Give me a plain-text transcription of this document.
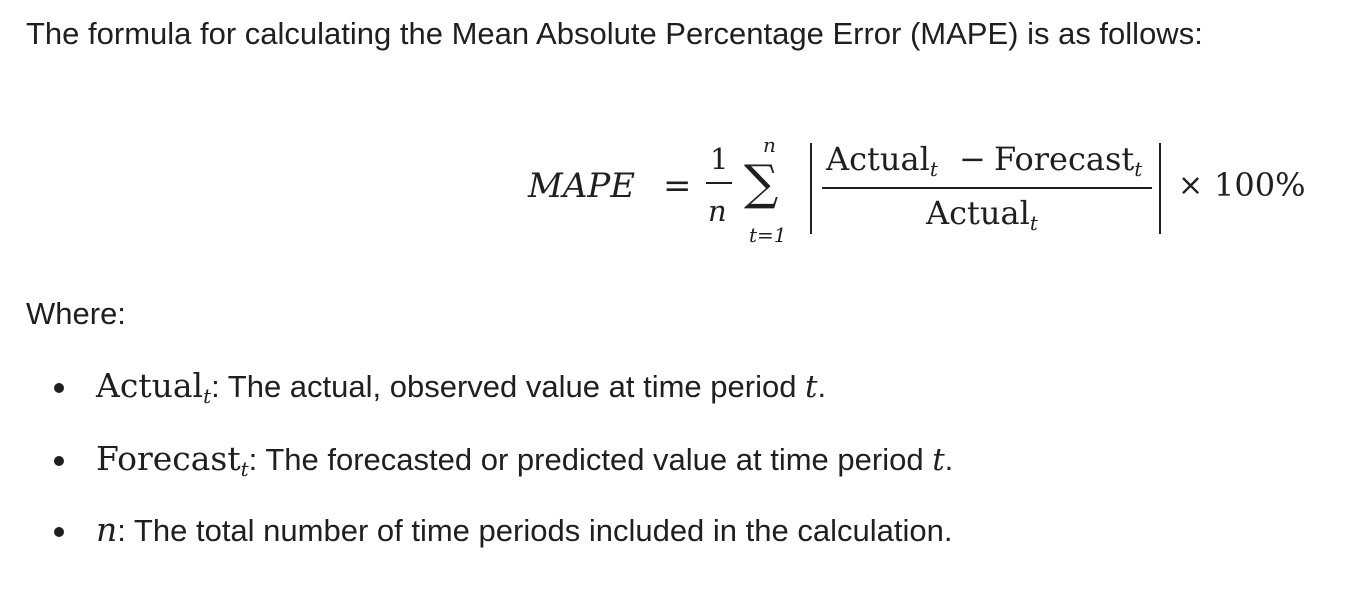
The formula for calculating the Mean Absolute Percentage Error (MAPE) is as follows:
MAPE =
1
n
n
∑
t=1
Actual$_t$ − Forecast$_t$
Actual$_t$
× 100%
Where:
Actual$_t$: The actual, observed value at time period t.
Forecast$_t$: The forecasted or predicted value at time period t.
n: The total number of time periods included in the calculation.
